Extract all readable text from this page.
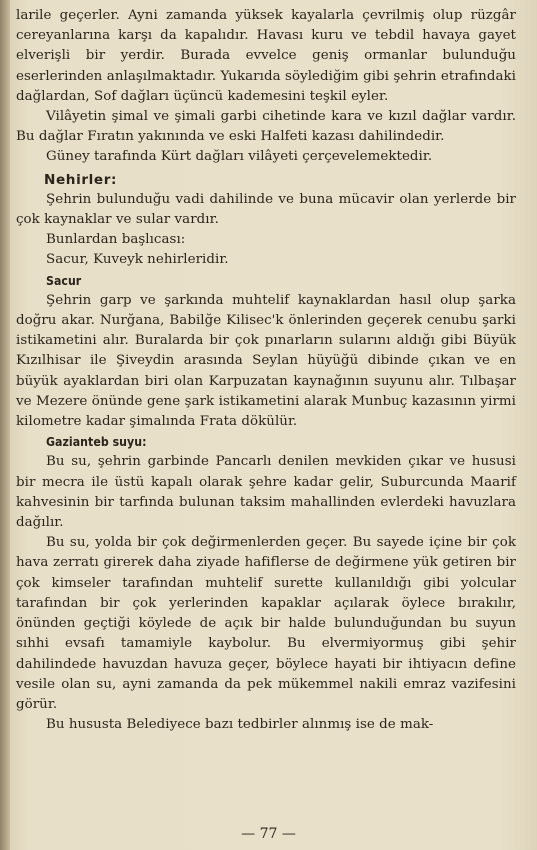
larile geçerler. Ayni zamanda yüksek kayalarla çevrilmiş olup rüzgâr cereyanlarına karşı da kapalıdır. Havası kuru ve tebdil havaya gayet elverişli bir yerdir. Burada evvelce geniş ormanlar bulunduğu eserlerinden anlaşılmaktadır. Yukarıda söylediğim gibi şehrin etrafındaki dağlardan, Sof dağları üçüncü kademesini teşkil eyler.

Vilâyetin şimal ve şimali garbi cihetinde kara ve kızıl dağlar vardır. Bu dağlar Fıratın yakınında ve eski Halfeti kazası dahilindedir.

Güney tarafında Kürt dağları vilâyeti çerçevelemektedir.

Nehirler:

Şehrin bulunduğu vadi dahilinde ve buna mücavir olan yerlerde bir çok kaynaklar ve sular vardır.

Bunlardan başlıcası:

Sacur, Kuveyk nehirleridir.

Sacur

Şehrin garp ve şarkında muhtelif kaynaklardan hasıl olup şarka doğru akar. Nurğana, Babilğe Kilisec'k önlerinden geçerek cenubu şarki istikametini alır. Buralarda bir çok pınarların sularını aldığı gibi Büyük Kızılhisar ile Şiveydin arasında Seylan hüyüğü dibinde çıkan ve en büyük ayaklardan biri olan Karpuzatan kaynağının suyunu alır. Tılbaşar ve Mezere önünde gene şark istikametini alarak Munbuç kazasının yirmi kilometre kadar şimalında Frata dökülür.

Gazianteb suyu:

Bu su, şehrin garbinde Pancarlı denilen mevkiden çıkar ve hususi bir mecra ile üstü kapalı olarak şehre kadar gelir, Suburcunda Maarif kahvesinin bir tarfında bulunan taksim mahallinden evlerdeki havuzlara dağılır.

Bu su, yolda bir çok değirmenlerden geçer. Bu sayede içine bir çok hava zerratı girerek daha ziyade hafiflerse de değirmene yük getiren bir çok kimseler tarafından muhtelif surette kullanıldığı gibi yolcular tarafından bir çok yerlerinden kapaklar açılarak öylece bırakılır, önünden geçtiği köylede de açık bir halde bulunduğundan bu suyun sıhhi evsafı tamamiyle kaybolur. Bu elvermiyormuş gibi şehir dahilindede havuzdan havuza geçer, böylece hayati bir ihtiyacın define vesile olan su, ayni zamanda da pek mükemmel nakili emraz vazifesini görür.

Bu hususta Belediyece bazı tedbirler alınmış ise de mak-

— 77 —
